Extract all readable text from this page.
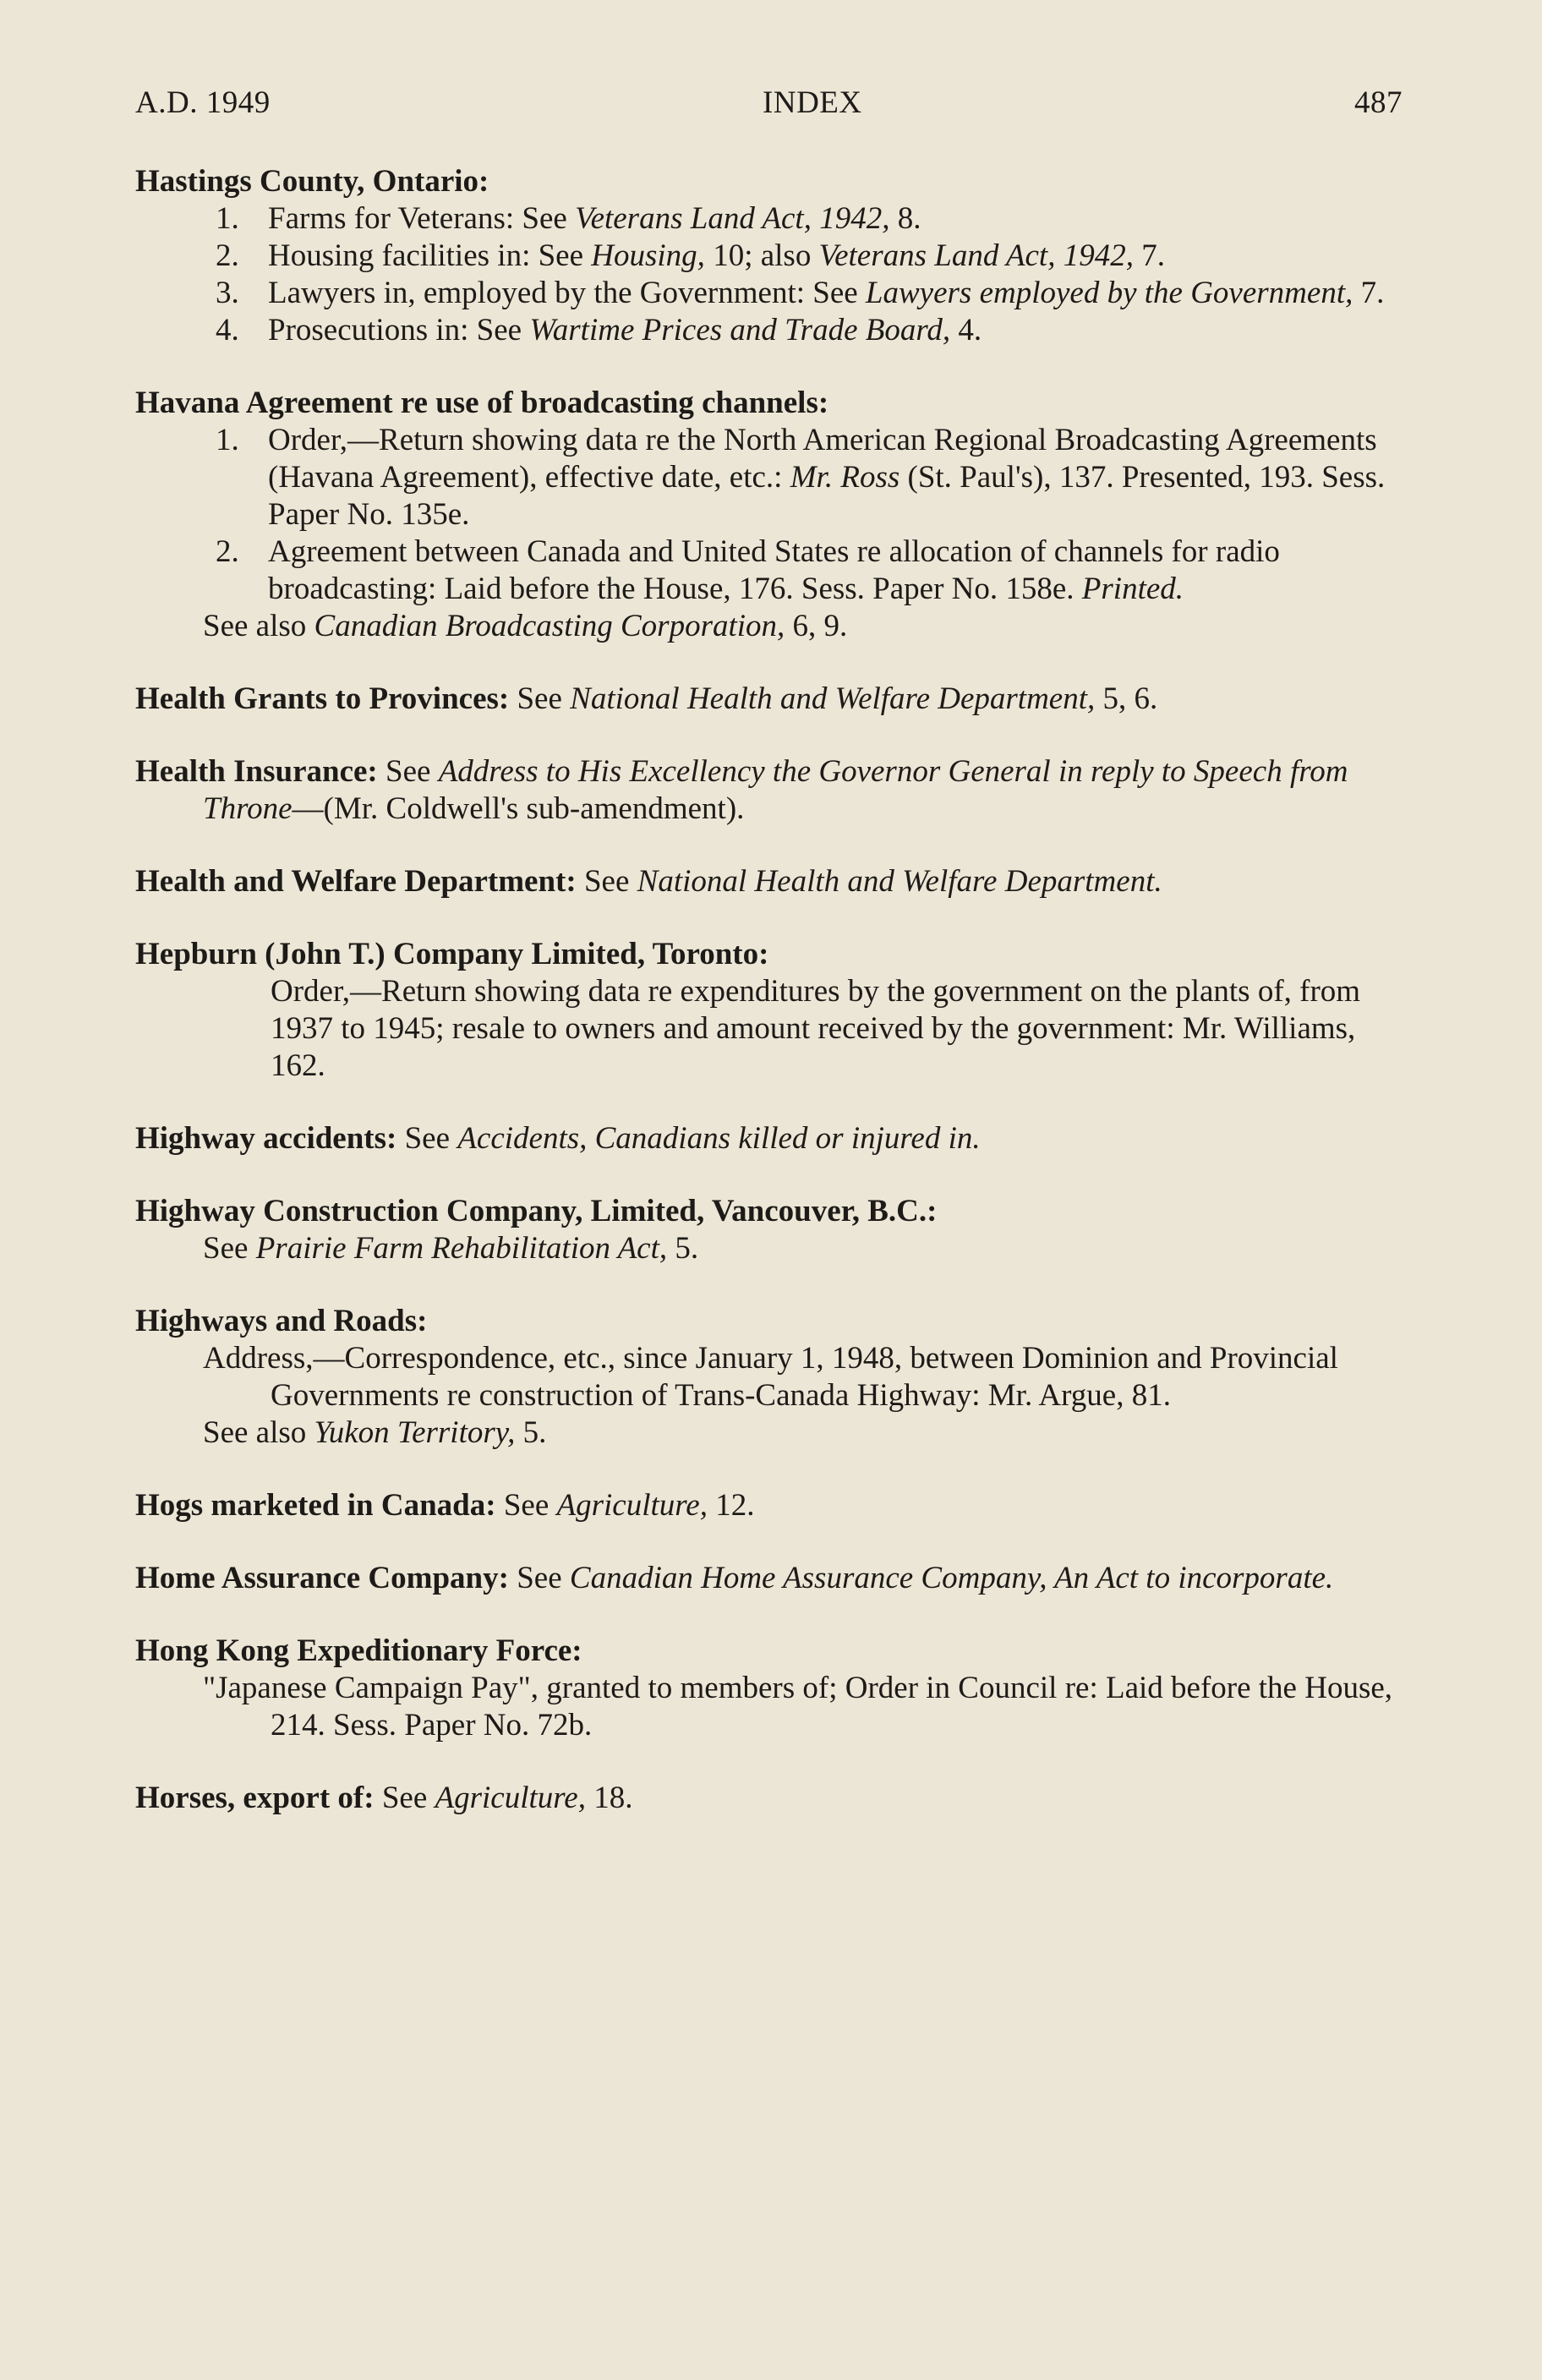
A.D. 1949	INDEX	487
Hastings County, Ontario:
1. Farms for Veterans: See Veterans Land Act, 1942, 8.
2. Housing facilities in: See Housing, 10; also Veterans Land Act, 1942, 7.
3. Lawyers in, employed by the Government: See Lawyers employed by the Government, 7.
4. Prosecutions in: See Wartime Prices and Trade Board, 4.
Havana Agreement re use of broadcasting channels:
1. Order,—Return showing data re the North American Regional Broadcasting Agreements (Havana Agreement), effective date, etc.: Mr. Ross (St. Paul's), 137. Presented, 193. Sess. Paper No. 135e.
2. Agreement between Canada and United States re allocation of channels for radio broadcasting: Laid before the House, 176. Sess. Paper No. 158e. Printed.
See also Canadian Broadcasting Corporation, 6, 9.
Health Grants to Provinces: See National Health and Welfare Department, 5, 6.
Health Insurance: See Address to His Excellency the Governor General in reply to Speech from Throne—(Mr. Coldwell's sub-amendment).
Health and Welfare Department: See National Health and Welfare Department.
Hepburn (John T.) Company Limited, Toronto:
Order,—Return showing data re expenditures by the government on the plants of, from 1937 to 1945; resale to owners and amount received by the government: Mr. Williams, 162.
Highway accidents: See Accidents, Canadians killed or injured in.
Highway Construction Company, Limited, Vancouver, B.C.:
See Prairie Farm Rehabilitation Act, 5.
Highways and Roads:
Address,—Correspondence, etc., since January 1, 1948, between Dominion and Provincial Governments re construction of Trans-Canada Highway: Mr. Argue, 81.
See also Yukon Territory, 5.
Hogs marketed in Canada: See Agriculture, 12.
Home Assurance Company: See Canadian Home Assurance Company, An Act to incorporate.
Hong Kong Expeditionary Force:
"Japanese Campaign Pay", granted to members of; Order in Council re: Laid before the House, 214. Sess. Paper No. 72b.
Horses, export of: See Agriculture, 18.
